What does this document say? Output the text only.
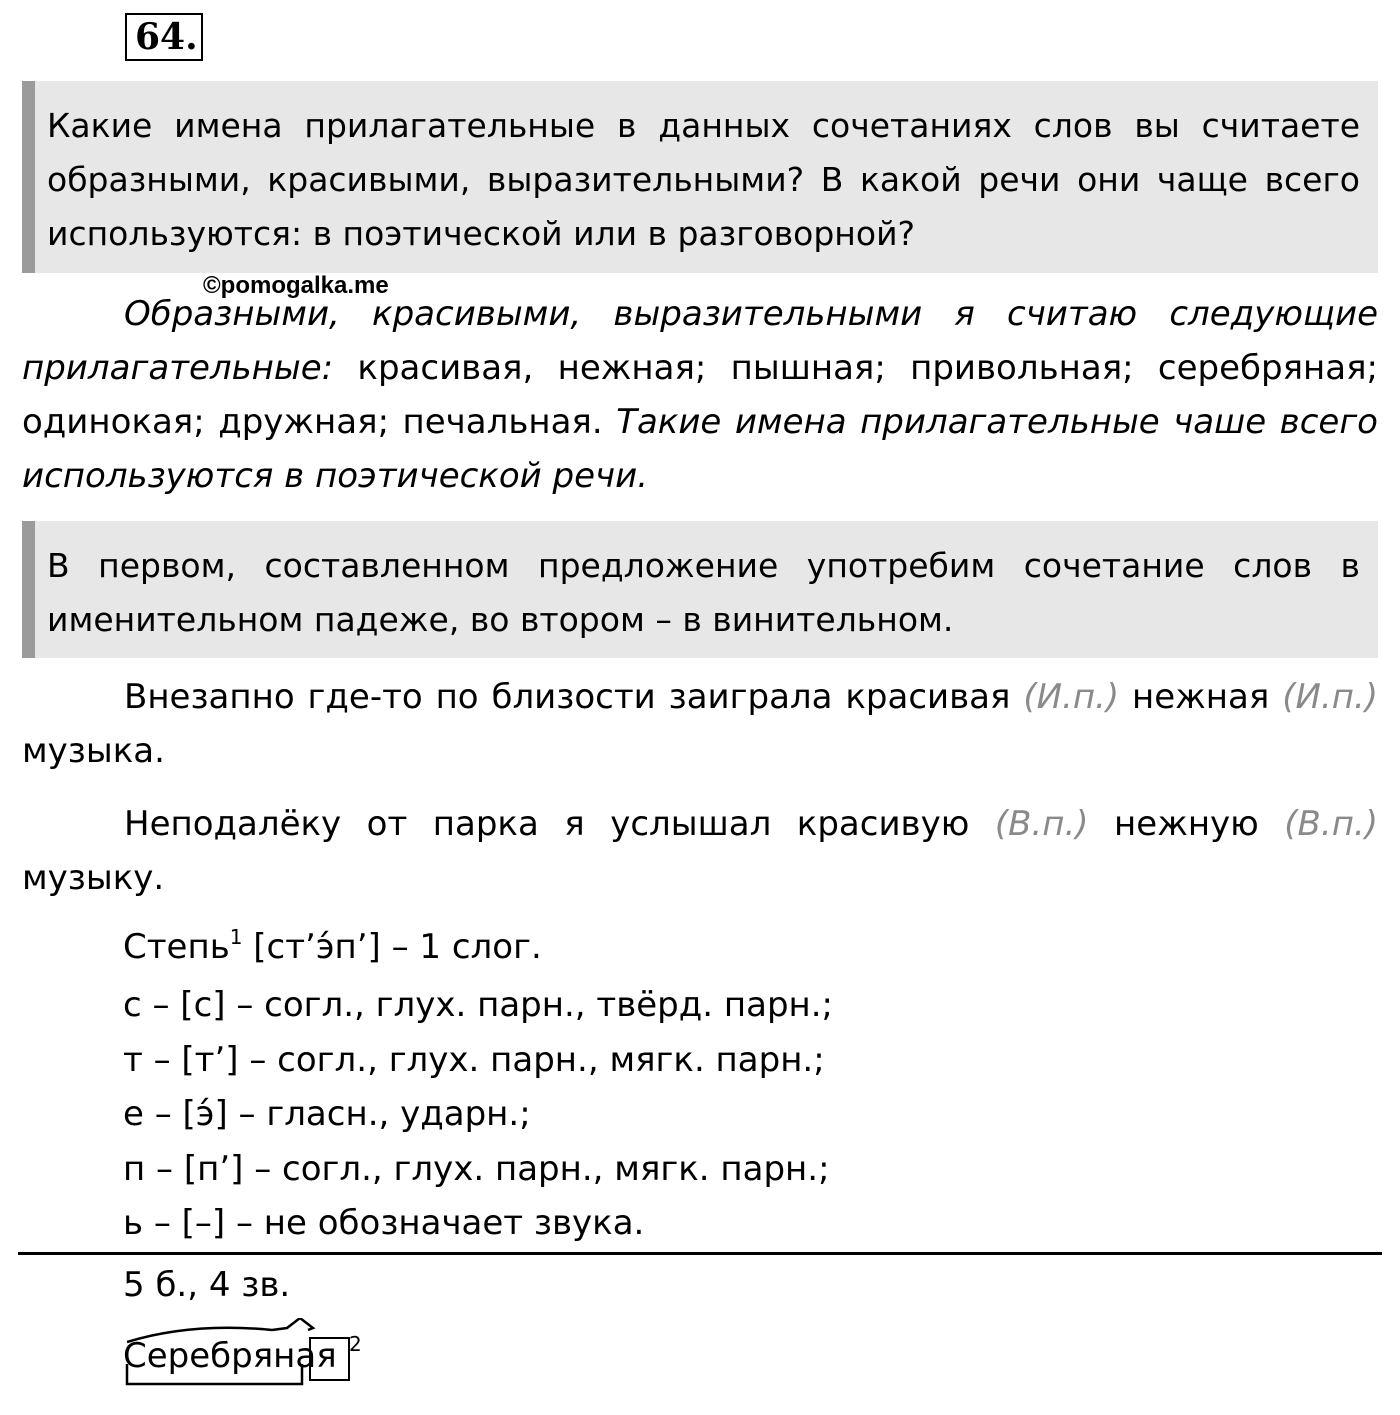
64.
Какие имена прилагательные в данных сочетаниях слов вы считаете образными, красивыми, выразительными? В какой речи они чаще всего используются: в поэтической или в разговорной?
©pomogalka.me
Образными, красивыми, выразительными я считаю следующие прилагательные: красивая, нежная; пышная; привольная; серебряная; одинокая; дружная; печальная. Такие имена прилагательные чаше всего используются в поэтической речи.
В первом, составленном предложение употребим сочетание слов в именительном падеже, во втором – в винительном.
Внезапно где-то по близости заиграла красивая (И.п.) нежная (И.п.) музыка.
Неподалёку от парка я услышал красивую (В.п.) нежную (В.п.) музыку.
Степь$^1$ [ст’э́п’] – 1 слог.
с – [с] – согл., глух. парн., твёрд. парн.;
т – [т’] – согл., глух. парн., мягк. парн.;
е – [э́] – гласн., ударн.;
п – [п’] – согл., глух. парн., мягк. парн.;
ь – [–] – не обозначает звука.
5 б., 4 зв.
Серебряная 2
